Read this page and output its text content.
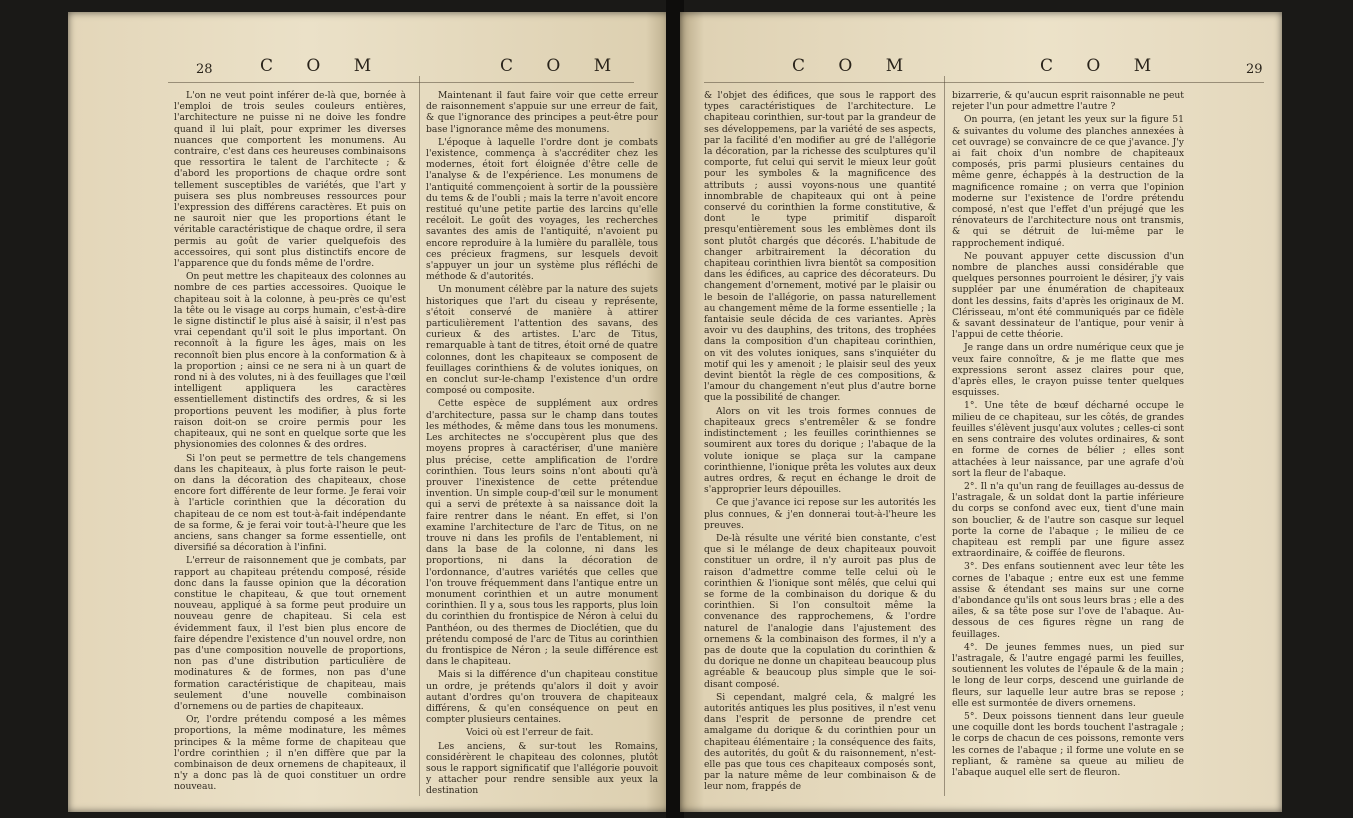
28	C O M	C O M

L'on ne veut point inférer de-là que, bornée à l'emploi de trois seules couleurs entières, l'architecture ne puisse ni ne doive les fondre quand il lui plaît, pour exprimer les diverses nuances que comportent les monumens. Au contraire, c'est dans ces heureuses combinaisons que ressortira le talent de l'architecte ; & d'abord les proportions de chaque ordre sont tellement susceptibles de variétés, que l'art y puisera ses plus nombreuses ressources pour l'expression des différens caractères. Et puis on ne sauroit nier que les proportions étant le véritable caractéristique de chaque ordre, il sera permis au goût de varier quelquefois des accessoires, qui sont plus distinctifs encore de l'apparence que du fonds même de l'ordre.

On peut mettre les chapiteaux des colonnes au nombre de ces parties accessoires. Quoique le chapiteau soit à la colonne, à peu-près ce qu'est la tête ou le visage au corps humain, c'est-à-dire le signe distinctif le plus aisé à saisir, il n'est pas vrai cependant qu'il soit le plus important. On reconnoît à la figure les âges, mais on les reconnoît bien plus encore à la conformation & à la proportion ; ainsi ce ne sera ni à un quart de rond ni à des volutes, ni à des feuillages que l'œil intelligent appliquera les caractères essentiellement distinctifs des ordres, & si les proportions peuvent les modifier, à plus forte raison doit-on se croire permis pour les chapiteaux, qui ne sont en quelque sorte que les physionomies des colonnes & des ordres.

Si l'on peut se permettre de tels changemens dans les chapiteaux, à plus forte raison le peut-on dans la décoration des chapiteaux, chose encore fort différente de leur forme. Je ferai voir à l'article corinthien que la décoration du chapiteau de ce nom est tout-à-fait indépendante de sa forme, & je ferai voir tout-à-l'heure que les anciens, sans changer sa forme essentielle, ont diversifié sa décoration à l'infini.

L'erreur de raisonnement que je combats, par rapport au chapiteau prétendu composé, réside donc dans la fausse opinion que la décoration constitue le chapiteau, & que tout ornement nouveau, appliqué à sa forme peut produire un nouveau genre de chapiteau. Si cela est évidemment faux, il l'est bien plus encore de faire dépendre l'existence d'un nouvel ordre, non pas d'une composition nouvelle de proportions, non pas d'une distribution particulière de modinatures & de formes, non pas d'une formation caractéristique de chapiteau, mais seulement d'une nouvelle combinaison d'ornemens ou de parties de chapiteaux.

Or, l'ordre prétendu composé a les mêmes proportions, la même modinature, les mêmes principes & la même forme de chapiteau que l'ordre corinthien ; il n'en diffère que par la combinaison de deux ornemens de chapiteaux, il n'y a donc pas là de quoi constituer un ordre nouveau.

Maintenant il faut faire voir que cette erreur de raisonnement s'appuie sur une erreur de fait, & que l'ignorance des principes a peut-être pour base l'ignorance même des monumens.

L'époque à laquelle l'ordre dont je combats l'existence, commença à s'accréditer chez les modernes, étoit fort éloignée d'être celle de l'analyse & de l'expérience. Les monumens de l'antiquité commençoient à sortir de la poussière du tems & de l'oubli ; mais la terre n'avoit encore restitué qu'une petite partie des larcins qu'elle recéloit. Le goût des voyages, les recherches savantes des amis de l'antiquité, n'avoient pu encore reproduire à la lumière du parallèle, tous ces précieux fragmens, sur lesquels devoit s'appuyer un jour un système plus réfléchi de méthode & d'autorités.

Un monument célèbre par la nature des sujets historiques que l'art du ciseau y représente, s'étoit conservé de manière à attirer particulièrement l'attention des savans, des curieux & des artistes. L'arc de Titus, remarquable à tant de titres, étoit orné de quatre colonnes, dont les chapiteaux se composent de feuillages corinthiens & de volutes ioniques, on en conclut sur-le-champ l'existence d'un ordre composé ou composite.

Cette espèce de supplément aux ordres d'architecture, passa sur le champ dans toutes les méthodes, & même dans tous les monumens. Les architectes ne s'occupèrent plus que des moyens propres à caractériser, d'une manière plus précise, cette amplification de l'ordre corinthien. Tous leurs soins n'ont abouti qu'à prouver l'inexistence de cette prétendue invention. Un simple coup-d'œil sur le monument qui a servi de prétexte à sa naissance doit la faire rentrer dans le néant. En effet, si l'on examine l'architecture de l'arc de Titus, on ne trouve ni dans les profils de l'entablement, ni dans la base de la colonne, ni dans les proportions, ni dans la décoration de l'ordonnance, d'autres variétés que celles que l'on trouve fréquemment dans l'antique entre un monument corinthien et un autre monument corinthien. Il y a, sous tous les rapports, plus loin du corinthien du frontispice de Néron à celui du Panthéon, ou des thermes de Dioclétien, que du prétendu composé de l'arc de Titus au corinthien du frontispice de Néron ; la seule différence est dans le chapiteau.

Mais si la différence d'un chapiteau constitue un ordre, je prétends qu'alors il doit y avoir autant d'ordres qu'on trouvera de chapiteaux différens, & qu'en conséquence on peut en compter plusieurs centaines.

Voici où est l'erreur de fait.

Les anciens, & sur-tout les Romains, considérèrent le chapiteau des colonnes, plutôt sous le rapport significatif que l'allégorie pouvoit y attacher pour rendre sensible aux yeux la destination

C O M	C O M	29

& l'objet des édifices, que sous le rapport des types caractéristiques de l'architecture. Le chapiteau corinthien, sur-tout par la grandeur de ses développemens, par la variété de ses aspects, par la facilité d'en modifier au gré de l'allégorie la décoration, par la richesse des sculptures qu'il comporte, fut celui qui servit le mieux leur goût pour les symboles & la magnificence des attributs ; aussi voyons-nous une quantité innombrable de chapiteaux qui ont à peine conservé du corinthien la forme constitutive, & dont le type primitif disparoît presqu'entièrement sous les emblèmes dont ils sont plutôt chargés que décorés. L'habitude de changer arbitrairement la décoration du chapiteau corinthien livra bientôt sa composition dans les édifices, au caprice des décorateurs. Du changement d'ornement, motivé par le plaisir ou le besoin de l'allégorie, on passa naturellement au changement même de la forme essentielle ; la fantaisie seule décida de ces variantes. Après avoir vu des dauphins, des tritons, des trophées dans la composition d'un chapiteau corinthien, on vit des volutes ioniques, sans s'inquiéter du motif qui les y amenoit ; le plaisir seul des yeux devint bientôt la règle de ces compositions, & l'amour du changement n'eut plus d'autre borne que la possibilité de changer.

Alors on vit les trois formes connues de chapiteaux grecs s'entremêler & se fondre indistinctement ; les feuilles corinthiennes se soumirent aux tores du dorique ; l'abaque de la volute ionique se plaça sur la campane corinthienne, l'ionique prêta les volutes aux deux autres ordres, & reçut en échange le droit de s'approprier leurs dépouilles.

Ce que j'avance ici repose sur les autorités les plus connues, & j'en donnerai tout-à-l'heure les preuves.

De-là résulte une vérité bien constante, c'est que si le mélange de deux chapiteaux pouvoit constituer un ordre, il n'y auroit pas plus de raison d'admettre comme telle celui où le corinthien & l'ionique sont mêlés, que celui qui se forme de la combinaison du dorique & du corinthien. Si l'on consultoit même la convenance des rapprochemens, & l'ordre naturel de l'analogie dans l'ajustement des ornemens & la combinaison des formes, il n'y a pas de doute que la copulation du corinthien & du dorique ne donne un chapiteau beaucoup plus agréable & beaucoup plus simple que le soi-disant composé.

Si cependant, malgré cela, & malgré les autorités antiques les plus positives, il n'est venu dans l'esprit de personne de prendre cet amalgame du dorique & du corinthien pour un chapiteau élémentaire ; la conséquence des faits, des autorités, du goût & du raisonnement, n'est-elle pas que tous ces chapiteaux composés sont, par la nature même de leur combinaison & de leur nom, frappés de

bizarrerie, & qu'aucun esprit raisonnable ne peut rejeter l'un pour admettre l'autre ?

On pourra, (en jetant les yeux sur la figure 51 & suivantes du volume des planches annexées à cet ouvrage) se convaincre de ce que j'avance. J'y ai fait choix d'un nombre de chapiteaux composés, pris parmi plusieurs centaines du même genre, échappés à la destruction de la magnificence romaine ; on verra que l'opinion moderne sur l'existence de l'ordre prétendu composé, n'est que l'effet d'un préjugé que les rénovateurs de l'architecture nous ont transmis, & qui se détruit de lui-même par le rapprochement indiqué.

Ne pouvant appuyer cette discussion d'un nombre de planches aussi considérable que quelques personnes pourroient le désirer, j'y vais suppléer par une énumération de chapiteaux dont les dessins, faits d'après les originaux de M. Clérisseau, m'ont été communiqués par ce fidèle & savant dessinateur de l'antique, pour venir à l'appui de cette théorie.

Je range dans un ordre numérique ceux que je veux faire connoître, & je me flatte que mes expressions seront assez claires pour que, d'après elles, le crayon puisse tenter quelques esquisses.

1°. Une tête de bœuf décharné occupe le milieu de ce chapiteau, sur les côtés, de grandes feuilles s'élèvent jusqu'aux volutes ; celles-ci sont en sens contraire des volutes ordinaires, & sont en forme de cornes de bélier ; elles sont attachées à leur naissance, par une agrafe d'où sort la fleur de l'abaque.

2°. Il n'a qu'un rang de feuillages au-dessus de l'astragale, & un soldat dont la partie inférieure du corps se confond avec eux, tient d'une main son bouclier, & de l'autre son casque sur lequel porte la corne de l'abaque ; le milieu de ce chapiteau est rempli par une figure assez extraordinaire, & coiffée de fleurons.

3°. Des enfans soutiennent avec leur tête les cornes de l'abaque ; entre eux est une femme assise & étendant ses mains sur une corne d'abondance qu'ils ont sous leurs bras ; elle a des ailes, & sa tête pose sur l'ove de l'abaque. Au-dessous de ces figures règne un rang de feuillages.

4°. De jeunes femmes nues, un pied sur l'astragale, & l'autre engagé parmi les feuilles, soutiennent les volutes de l'épaule & de la main ; le long de leur corps, descend une guirlande de fleurs, sur laquelle leur autre bras se repose ; elle est surmontée de divers ornemens.

5°. Deux poissons tiennent dans leur gueule une coquille dont les bords touchent l'astragale ; le corps de chacun de ces poissons, remonte vers les cornes de l'abaque ; il forme une volute en se repliant, & ramène sa queue au milieu de l'abaque auquel elle sert de fleuron.
